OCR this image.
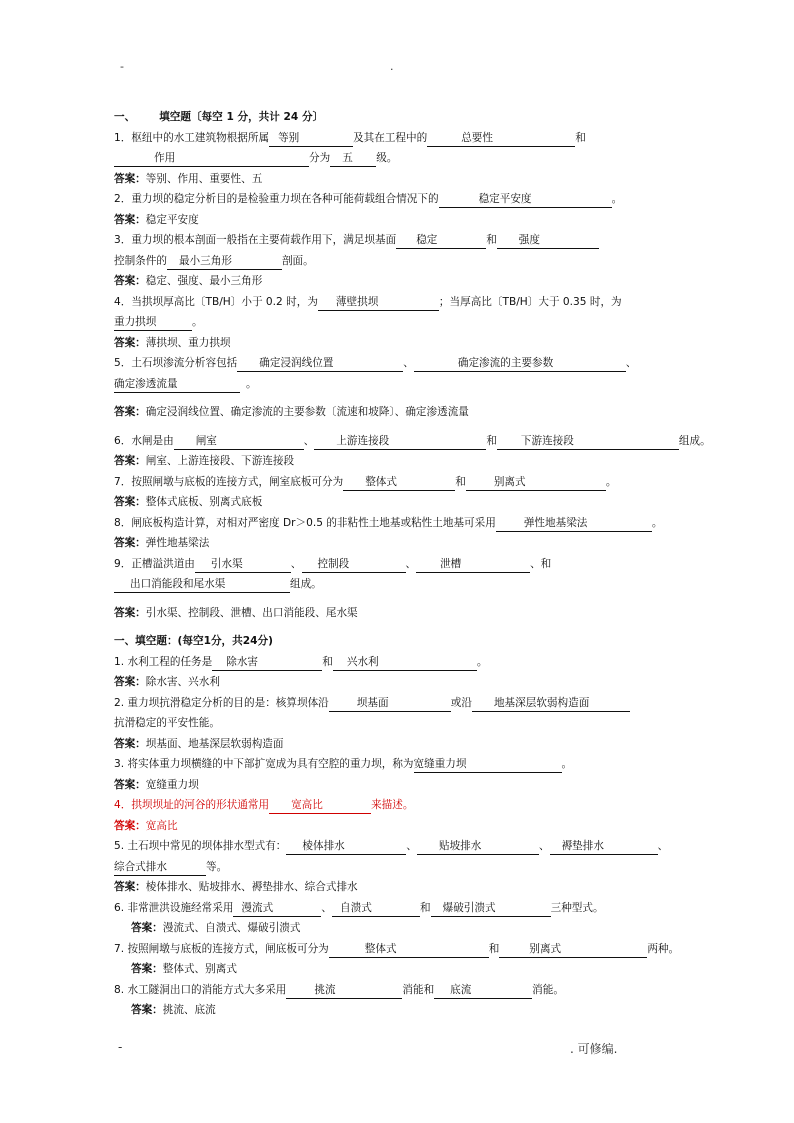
-	.
一、 填空题〔每空 1 分，共计 24 分〕
1．枢纽中的水工建筑物根据所属 等别	及其在工程中的	总要性	和
作用	分为 五 级。
答案：等别、作用、重要性、五
2．重力坝的稳定分析目的是检验重力坝在各种可能荷载组合情况下的	稳定平安度	。
答案：稳定平安度
3．重力坝的根本剖面一般指在主要荷载作用下，满足坝基面 稳定	和 强度
控制条件的 最小三角形	剖面。
答案：稳定、强度、最小三角形
4．当拱坝厚高比〔TB/H〕小于 0.2 时，为 薄壁拱坝	；当厚高比〔TB/H〕大于 0.35 时，为
重力拱坝	。
答案：薄拱坝、重力拱坝
5．土石坝渗流分析容包括 确定浸润线位置	、	确定渗流的主要参数	、
确定渗透流量	。
答案：确定浸润线位置、确定渗流的主要参数〔流速和坡降〕、确定渗透流量
6．水闸是由 闸室	、 上游连接段	和 下游连接段	组成。
答案：闸室、上游连接段、下游连接段
7．按照闸墩与底板的连接方式，闸室底板可分为 整体式	和	别离式	。
答案：整体式底板、别离式底板
8．闸底板构造计算，对相对严密度 Dr＞0.5 的非粘性土地基或粘性土地基可采用	弹性地基梁法	。
答案：弹性地基梁法
9．正槽溢洪道由 引水渠	、 控制段	、 泄槽	、和
出口消能段和尾水渠	组成。
答案：引水渠、控制段、泄槽、出口消能段、尾水渠
一、填空题：(每空1分，共24分)
1. 水利工程的任务是 除水害	和 兴水利	。
答案：除水害、兴水利
2. 重力坝抗滑稳定分析的目的是：核算坝体沿	坝基面	或沿 地基深层软弱构造面
抗滑稳定的平安性能。
答案：坝基面、地基深层软弱构造面
3. 将实体重力坝横缝的中下部扩宽成为具有空腔的重力坝，称为宽缝重力坝	。
答案：宽缝重力坝
4．拱坝坝址的河谷的形状通常用 宽高比	来描述。
答案：宽高比
5. 土石坝中常见的坝体排水型式有： 棱体排水	、 贴坡排水	、 褥垫排水	、
综合式排水	等。
答案：棱体排水、贴坡排水、褥垫排水、综合式排水
6. 非常泄洪设施经常采用 漫流式	、 自溃式	和 爆破引溃式	三种型式。
答案：漫流式、自溃式、爆破引溃式
7. 按照闸墩与底板的连接方式，闸底板可分为	整体式	和	别离式	两种。
答案：整体式、别离式
8. 水工隧洞出口的消能方式大多采用	挑流	消能和 底流	消能。
答案：挑流、底流
-	. 可修编.
